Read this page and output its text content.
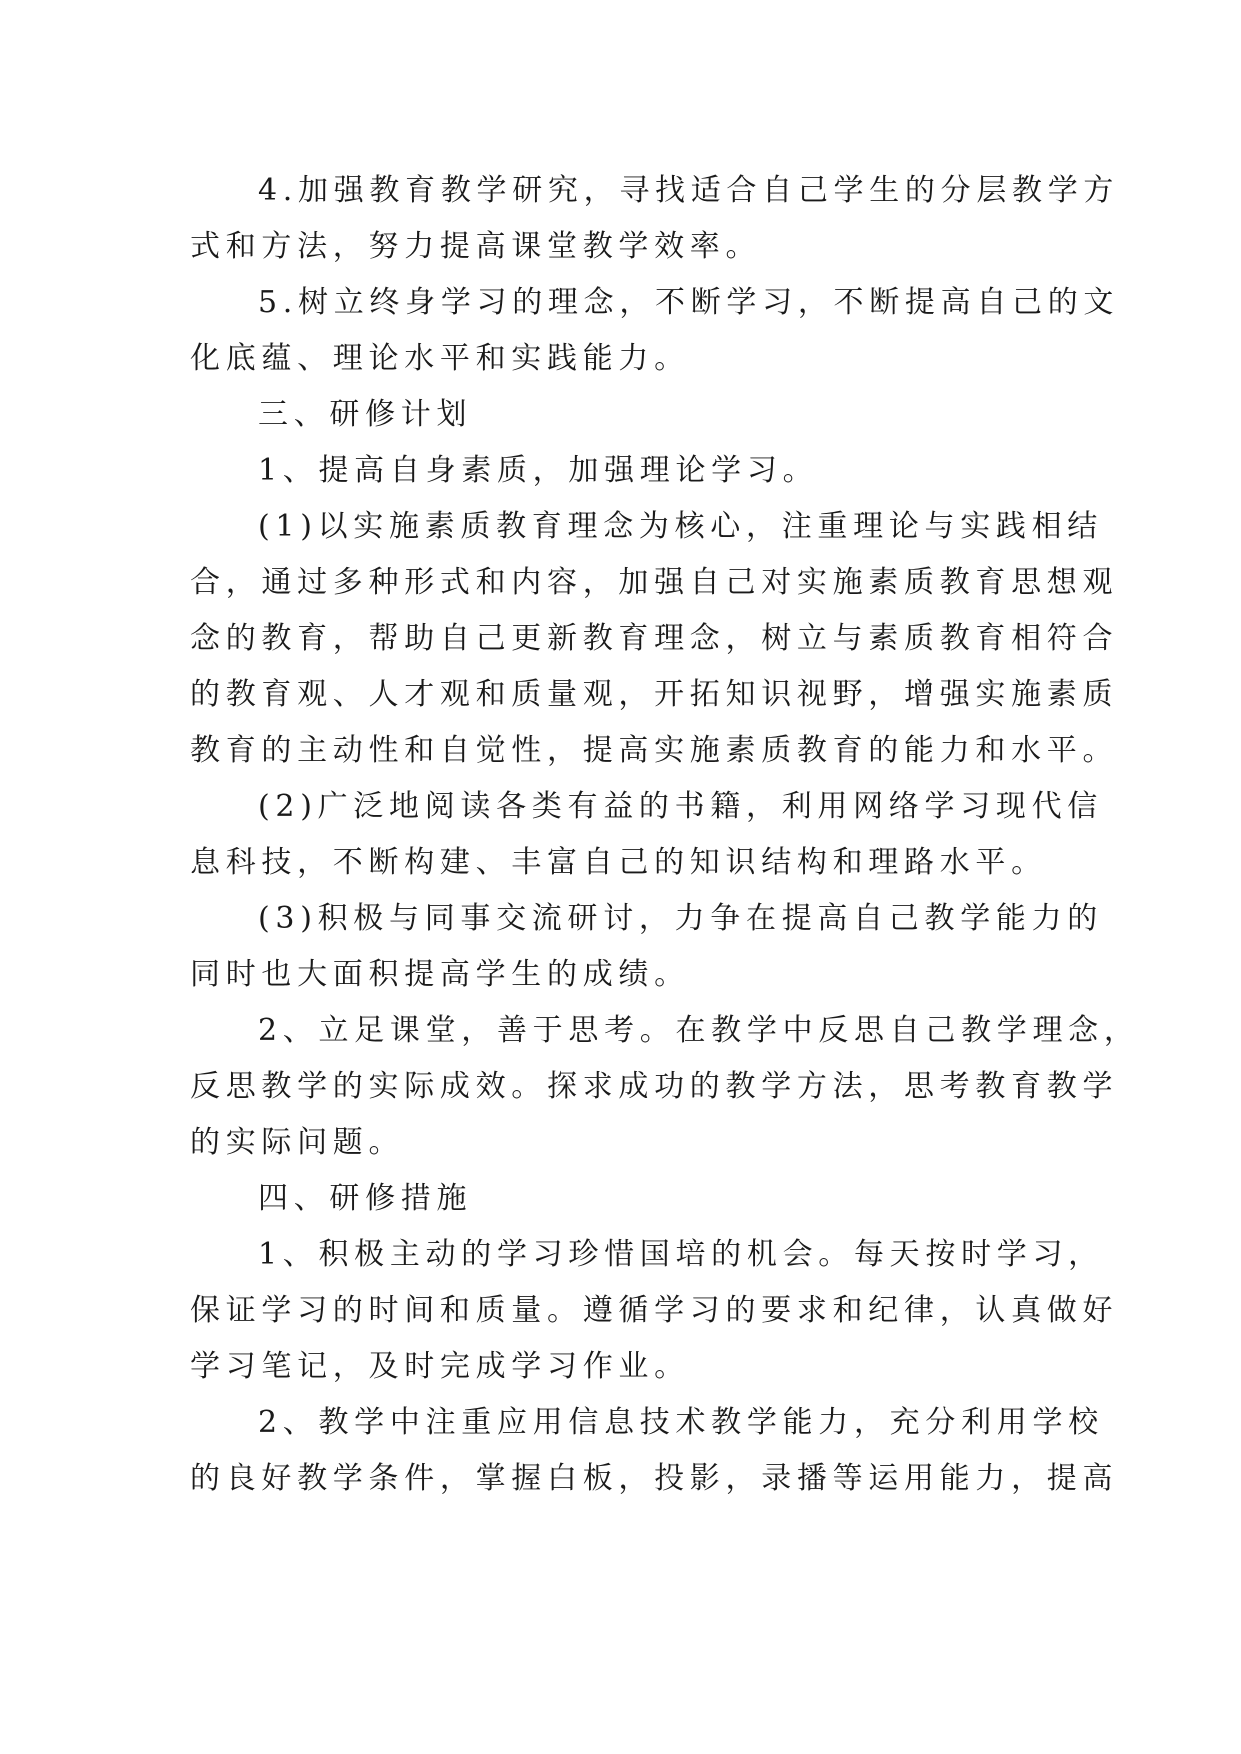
4.加强教育教学研究，寻找适合自己学生的分层教学方
式和方法，努力提高课堂教学效率。
5.树立终身学习的理念，不断学习，不断提高自己的文
化底蕴、理论水平和实践能力。
三、研修计划
1、提高自身素质，加强理论学习。
(1)以实施素质教育理念为核心，注重理论与实践相结
合，通过多种形式和内容，加强自己对实施素质教育思想观
念的教育，帮助自己更新教育理念，树立与素质教育相符合
的教育观、人才观和质量观，开拓知识视野，增强实施素质
教育的主动性和自觉性，提高实施素质教育的能力和水平。
(2)广泛地阅读各类有益的书籍，利用网络学习现代信
息科技，不断构建、丰富自己的知识结构和理路水平。
(3)积极与同事交流研讨，力争在提高自己教学能力的
同时也大面积提高学生的成绩。
2、立足课堂，善于思考。在教学中反思自己教学理念，
反思教学的实际成效。探求成功的教学方法，思考教育教学
的实际问题。
四、研修措施
1、积极主动的学习珍惜国培的机会。每天按时学习，
保证学习的时间和质量。遵循学习的要求和纪律，认真做好
学习笔记，及时完成学习作业。
2、教学中注重应用信息技术教学能力，充分利用学校
的良好教学条件，掌握白板，投影，录播等运用能力，提高
